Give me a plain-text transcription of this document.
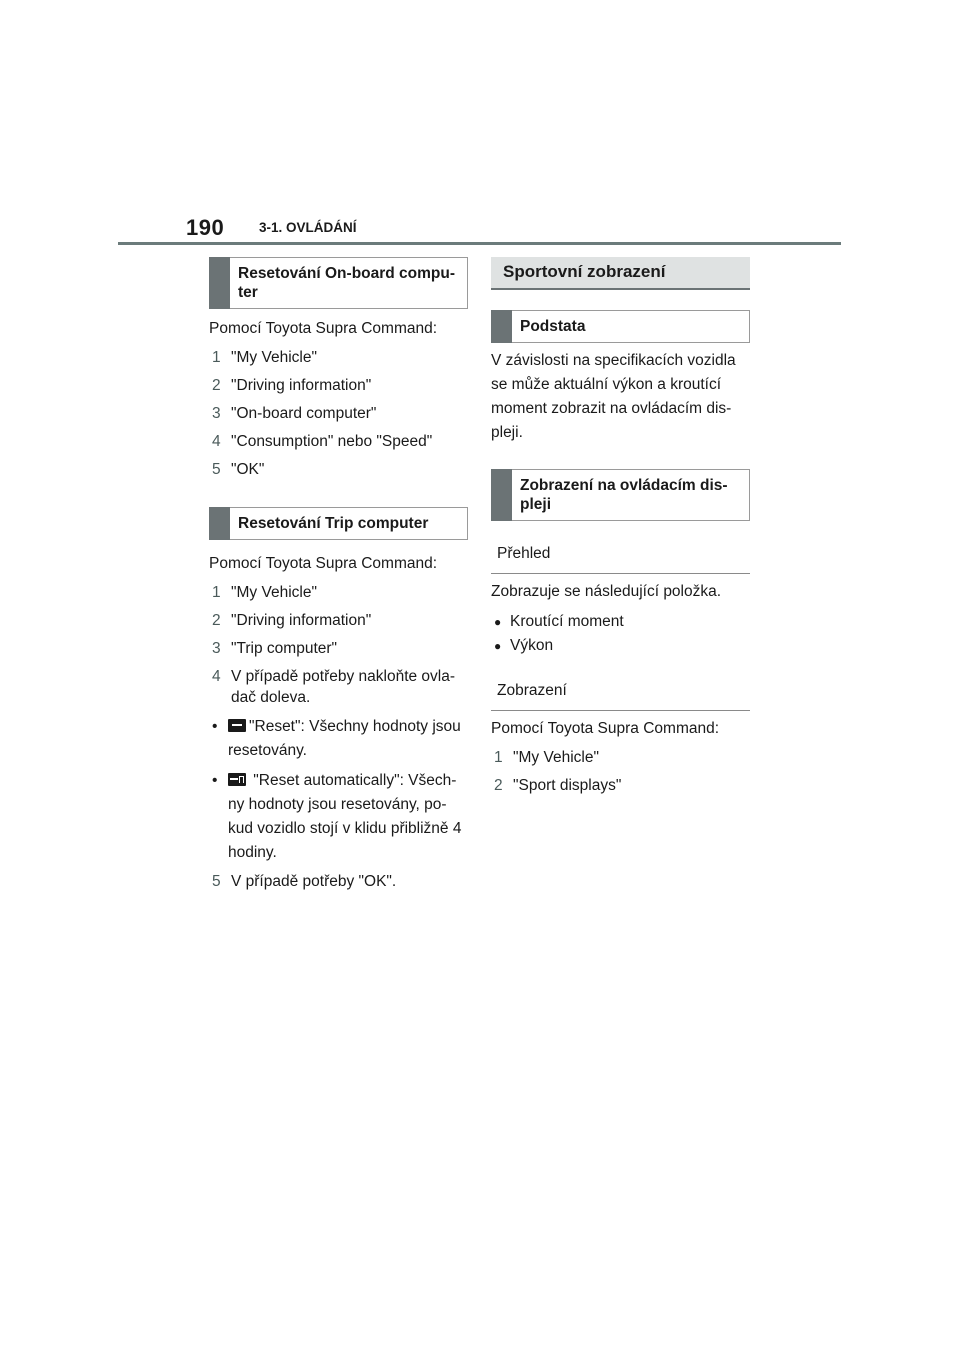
190	3-1. OVLÁDÁNÍ
Resetování On-board compu-ter

Pomocí Toyota Supra Command:

1 "My Vehicle"
2 "Driving information"
3 "On-board computer"
4 "Consumption" nebo "Speed"
5 "OK"
Resetování Trip computer

Pomocí Toyota Supra Command:

1 "My Vehicle"
2 "Driving information"
3 "Trip computer"
4 V případě potřeby nakloňte ovla-dač doleva.
•	"Reset": Všechny hodnoty jsou resetovány.
•	"Reset automatically": Všech-ny hodnoty jsou resetovány, po-kud vozidlo stojí v klidu přibližně 4 hodiny.
5 V případě potřeby "OK".
Sportovní zobrazení
Podstata

V závislosti na specifikacích vozidla se může aktuální výkon a kroutící moment zobrazit na ovládacím dis-pleji.

Zobrazení na ovládacím dis-pleji
Přehled

Zobrazuje se následující položka.

● Kroutící moment
● Výkon
Zobrazení

Pomocí Toyota Supra Command:

1 "My Vehicle"
2 "Sport displays"
